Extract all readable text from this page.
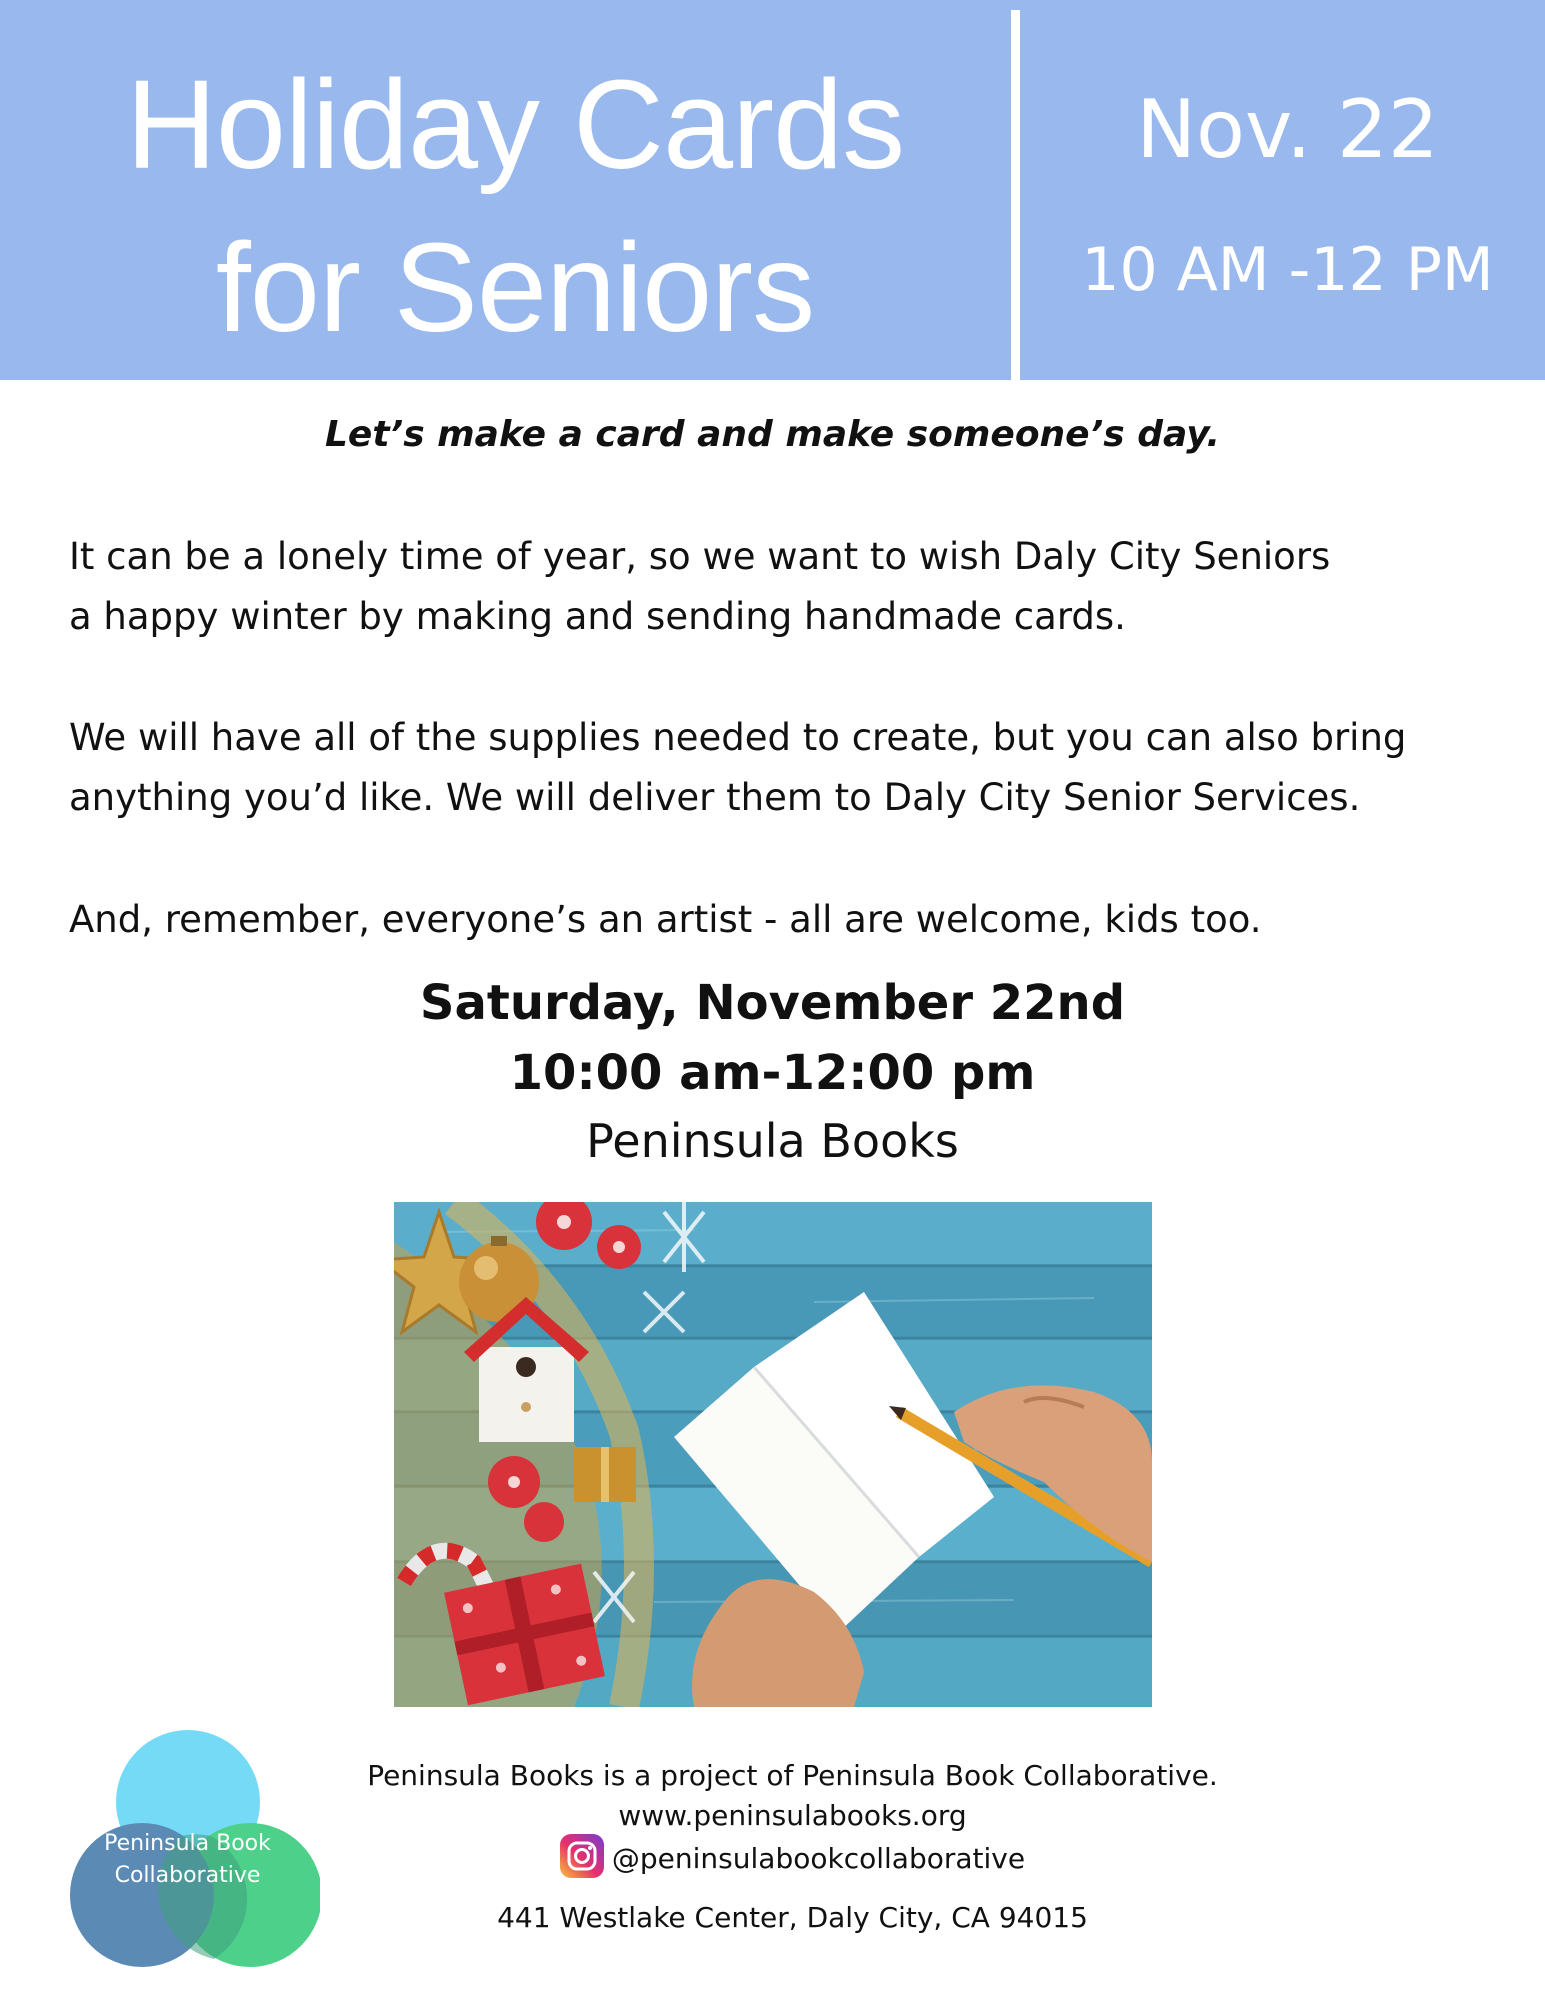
Holiday Cards
for Seniors
Nov. 22
10 AM -12 PM
Let’s make a card and make someone’s day.
It can be a lonely time of year, so we want to wish Daly City Seniors
a happy winter by making and sending handmade cards.
We will have all of the supplies needed to create, but you can also bring
anything you’d like. We will deliver them to Daly City Senior Services.
And, remember, everyone’s an artist - all are welcome, kids too.
Saturday, November 22nd
10:00 am-12:00 pm
Peninsula Books
Peninsula Book
Collaborative
Peninsula Books is a project of Peninsula Book Collaborative.
www.peninsulabooks.org
@peninsulabookcollaborative
441 Westlake Center, Daly City, CA 94015
